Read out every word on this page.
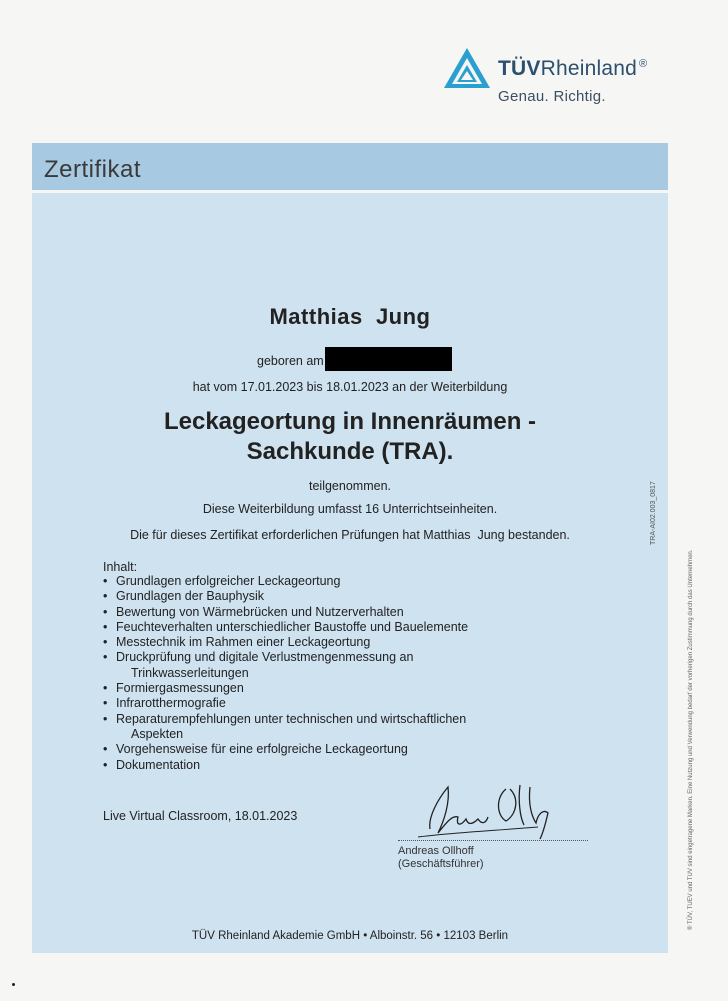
TÜVRheinland ®
Genau. Richtig.
Zertifikat
Matthias  Jung
geboren am
hat vom 17.01.2023 bis 18.01.2023 an der Weiterbildung
Leckageortung in Innenräumen -
Sachkunde (TRA).
teilgenommen.
Diese Weiterbildung umfasst 16 Unterrichtseinheiten.
Die für dieses Zertifikat erforderlichen Prüfungen hat Matthias  Jung bestanden.
Inhalt:
• Grundlagen erfolgreicher Leckageortung
• Grundlagen der Bauphysik
• Bewertung von Wärmebrücken und Nutzerverhalten
• Feuchteverhalten unterschiedlicher Baustoffe und Bauelemente
• Messtechnik im Rahmen einer Leckageortung
• Druckprüfung und digitale Verlustmengenmessung an
Trinkwasserleitungen
• Formiergasmessungen
• Infrarotthermografie
• Reparaturempfehlungen unter technischen und wirtschaftlichen
Aspekten
• Vorgehensweise für eine erfolgreiche Leckageortung
• Dokumentation
Live Virtual Classroom, 18.01.2023
Andreas Ollhoff
(Geschäftsführer)
TÜV Rheinland Akademie GmbH • Alboinstr. 56 • 12103 Berlin
TRA-AI02.003_0817
® TÜV, TUEV und TUV sind eingetragene Marken. Eine Nutzung und Verwendung bedarf der vorherigen Zustimmung durch das Unternehmen.
